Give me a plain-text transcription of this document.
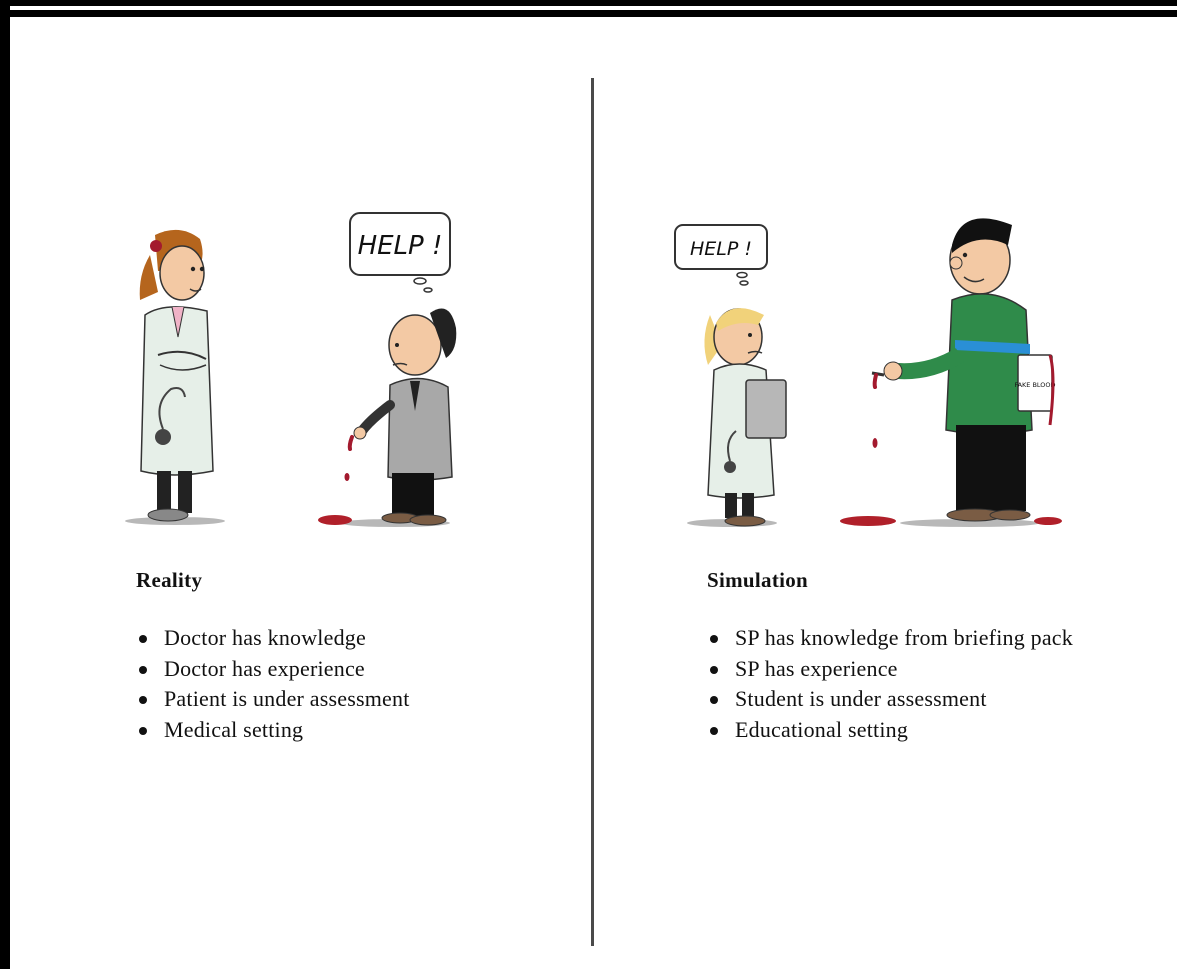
HELP !
FAKE BLOOD
HELP !
Reality
Doctor has knowledge
Doctor has experience
Patient is under assessment
Medical setting
Simulation
SP has knowledge from briefing pack
SP has experience
Student is under assessment
Educational setting
